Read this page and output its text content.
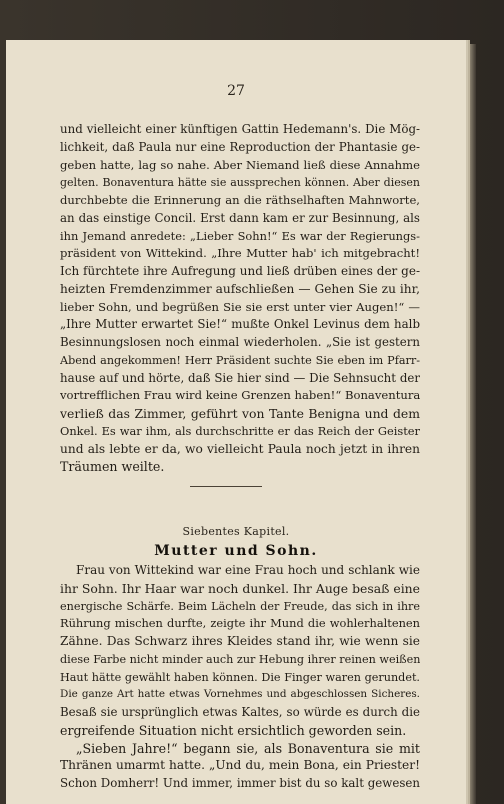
27
und vielleicht einer künftigen Gattin Hedemann's. Die Mög-
lichkeit, daß Paula nur eine Reproduction der Phantasie ge-
geben hatte, lag so nahe. Aber Niemand ließ diese Annahme
gelten. Bonaventura hätte sie aussprechen können. Aber diesen
durchbebte die Erinnerung an die räthselhaften Mahnworte,
an das einstige Concil. Erst dann kam er zur Besinnung, als
ihn Jemand anredete: „Lieber Sohn!“ Es war der Regierungs-
präsident von Wittekind. „Ihre Mutter hab' ich mitgebracht!
Ich fürchtete ihre Aufregung und ließ drüben eines der ge-
heizten Fremdenzimmer aufschließen — Gehen Sie zu ihr,
lieber Sohn, und begrüßen Sie sie erst unter vier Augen!“ —
„Ihre Mutter erwartet Sie!“ mußte Onkel Levinus dem halb
Besinnungslosen noch einmal wiederholen. „Sie ist gestern
Abend angekommen! Herr Präsident suchte Sie eben im Pfarr-
hause auf und hörte, daß Sie hier sind — Die Sehnsucht der
vortrefflichen Frau wird keine Grenzen haben!“ Bonaventura
verließ das Zimmer, geführt von Tante Benigna und dem
Onkel. Es war ihm, als durchschritte er das Reich der Geister
und als lebte er da, wo vielleicht Paula noch jetzt in ihren
Träumen weilte.
Siebentes Kapitel.
Mutter und Sohn.
Frau von Wittekind war eine Frau hoch und schlank wie
ihr Sohn. Ihr Haar war noch dunkel. Ihr Auge besaß eine
energische Schärfe. Beim Lächeln der Freude, das sich in ihre
Rührung mischen durfte, zeigte ihr Mund die wohlerhaltenen
Zähne. Das Schwarz ihres Kleides stand ihr, wie wenn sie
diese Farbe nicht minder auch zur Hebung ihrer reinen weißen
Haut hätte gewählt haben können. Die Finger waren gerundet.
Die ganze Art hatte etwas Vornehmes und abgeschlossen Sicheres.
Besaß sie ursprünglich etwas Kaltes, so würde es durch die
ergreifende Situation nicht ersichtlich geworden sein.
„Sieben Jahre!“ begann sie, als Bonaventura sie mit
Thränen umarmt hatte. „Und du, mein Bona, ein Priester!
Schon Domherr! Und immer, immer bist du so kalt gewesen
